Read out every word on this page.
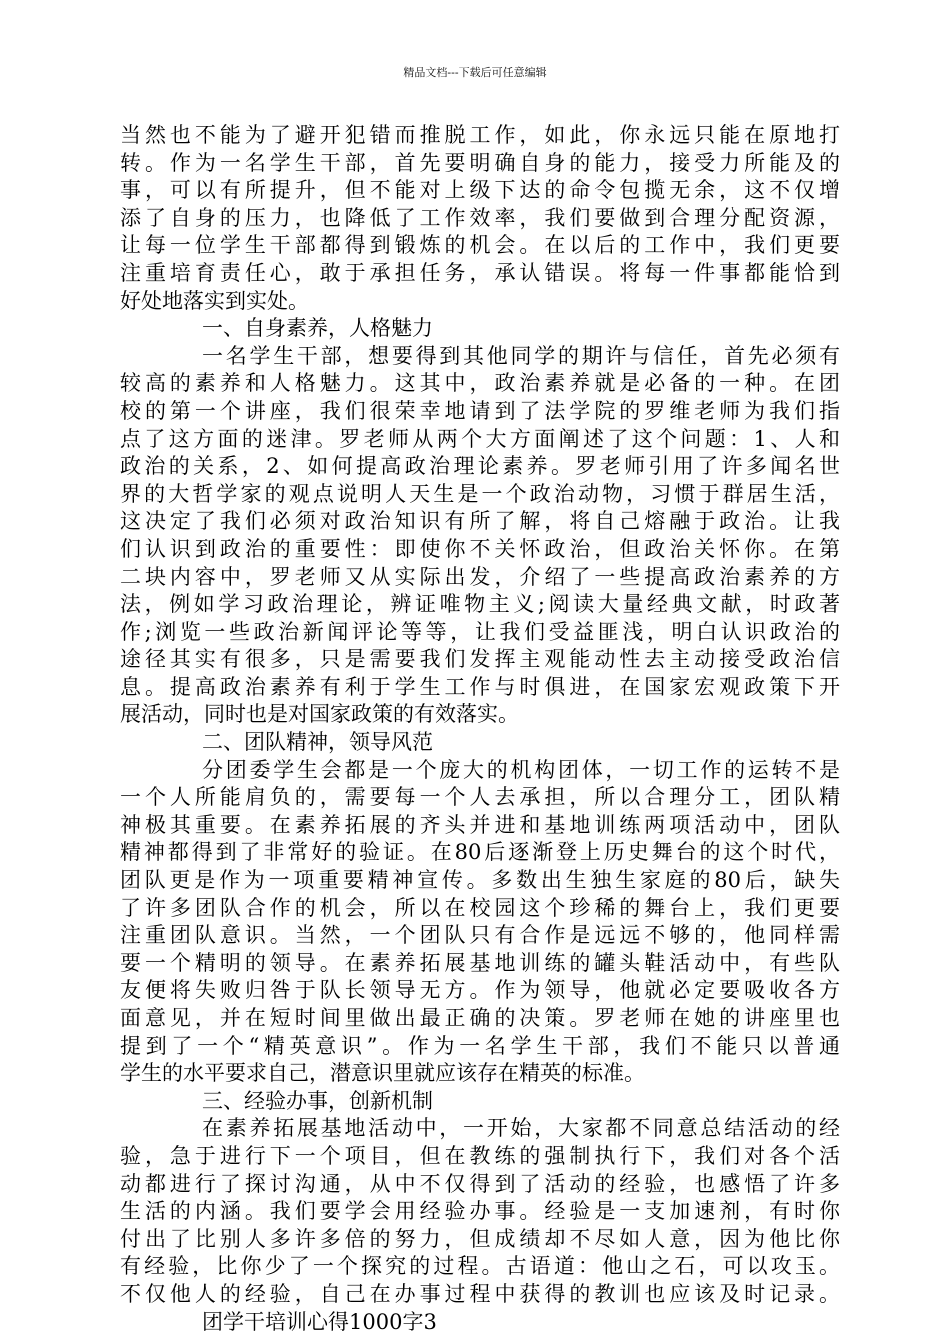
精品文档---下载后可任意编辑
当然也不能为了避开犯错而推脱工作，如此，你永远只能在原地打
转。作为一名学生干部，首先要明确自身的能力，接受力所能及的
事，可以有所提升，但不能对上级下达的命令包揽无余，这不仅增
添了自身的压力，也降低了工作效率，我们要做到合理分配资源，
让每一位学生干部都得到锻炼的机会。在以后的工作中，我们更要
注重培育责任心，敢于承担任务，承认错误。将每一件事都能恰到
好处地落实到实处。
一、自身素养，人格魅力
一名学生干部，想要得到其他同学的期许与信任，首先必须有
较高的素养和人格魅力。这其中，政治素养就是必备的一种。在团
校的第一个讲座，我们很荣幸地请到了法学院的罗维老师为我们指
点了这方面的迷津。罗老师从两个大方面阐述了这个问题：1、人和
政治的关系，2、如何提高政治理论素养。罗老师引用了许多闻名世
界的大哲学家的观点说明人天生是一个政治动物，习惯于群居生活，
这决定了我们必须对政治知识有所了解，将自己熔融于政治。让我
们认识到政治的重要性：即使你不关怀政治，但政治关怀你。在第
二块内容中，罗老师又从实际出发，介绍了一些提高政治素养的方
法，例如学习政治理论，辨证唯物主义;阅读大量经典文献，时政著
作;浏览一些政治新闻评论等等，让我们受益匪浅，明白认识政治的
途径其实有很多，只是需要我们发挥主观能动性去主动接受政治信
息。提高政治素养有利于学生工作与时俱进，在国家宏观政策下开
展活动，同时也是对国家政策的有效落实。
二、团队精神，领导风范
分团委学生会都是一个庞大的机构团体，一切工作的运转不是
一个人所能肩负的，需要每一个人去承担，所以合理分工，团队精
神极其重要。在素养拓展的齐头并进和基地训练两项活动中，团队
精神都得到了非常好的验证。在80后逐渐登上历史舞台的这个时代，
团队更是作为一项重要精神宣传。多数出生独生家庭的80后，缺失
了许多团队合作的机会，所以在校园这个珍稀的舞台上，我们更要
注重团队意识。当然，一个团队只有合作是远远不够的，他同样需
要一个精明的领导。在素养拓展基地训练的罐头鞋活动中，有些队
友便将失败归咎于队长领导无方。作为领导，他就必定要吸收各方
面意见，并在短时间里做出最正确的决策。罗老师在她的讲座里也
提到了一个“精英意识”。作为一名学生干部，我们不能只以普通
学生的水平要求自己，潜意识里就应该存在精英的标准。
三、经验办事，创新机制
在素养拓展基地活动中，一开始，大家都不同意总结活动的经
验，急于进行下一个项目，但在教练的强制执行下，我们对各个活
动都进行了探讨沟通，从中不仅得到了活动的经验，也感悟了许多
生活的内涵。我们要学会用经验办事。经验是一支加速剂，有时你
付出了比别人多许多倍的努力，但成绩却不尽如人意，因为他比你
有经验，比你少了一个探究的过程。古语道：他山之石，可以攻玉。
不仅他人的经验，自己在办事过程中获得的教训也应该及时记录。
团学干培训心得1000字3
